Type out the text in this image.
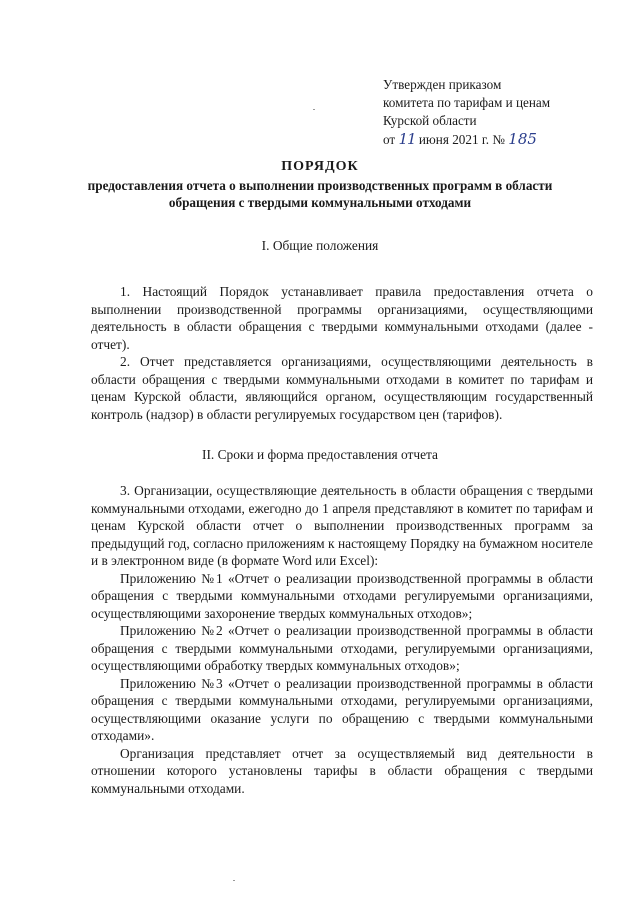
Утвержден приказом
комитета по тарифам и ценам
Курской области
от 11 июня 2021 г. № 185
ПОРЯДОК
предоставления отчета о выполнении производственных программ в области обращения с твердыми коммунальными отходами
I. Общие положения

1. Настоящий Порядок устанавливает правила предоставления отчета о выполнении производственной программы организациями, осуществляющими деятельность в области обращения с твердыми коммунальными отходами (далее - отчет).

2. Отчет представляется организациями, осуществляющими деятельность в области обращения с твердыми коммунальными отходами в комитет по тарифам и ценам Курской области, являющийся органом, осуществляющим государственный контроль (надзор) в области регулируемых государством цен (тарифов).

II. Сроки и форма предоставления отчета

3. Организации, осуществляющие деятельность в области обращения с твердыми коммунальными отходами, ежегодно до 1 апреля представляют в комитет по тарифам и ценам Курской области отчет о выполнении производственных программ за предыдущий год, согласно приложениям к настоящему Порядку на бумажном носителе и в электронном виде (в формате Word или Excel):

Приложению №1 «Отчет о реализации производственной программы в области обращения с твердыми коммунальными отходами регулируемыми организациями, осуществляющими захоронение твердых коммунальных отходов»;

Приложению №2 «Отчет о реализации производственной программы в области обращения с твердыми коммунальными отходами, регулируемыми организациями, осуществляющими обработку твердых коммунальных отходов»;

Приложению №3 «Отчет о реализации производственной программы в области обращения с твердыми коммунальными отходами, регулируемыми организациями, осуществляющими оказание услуги по обращению с твердыми коммунальными отходами».

Организация представляет отчет за осуществляемый вид деятельности в отношении которого установлены тарифы в области обращения с твердыми коммунальными отходами.
